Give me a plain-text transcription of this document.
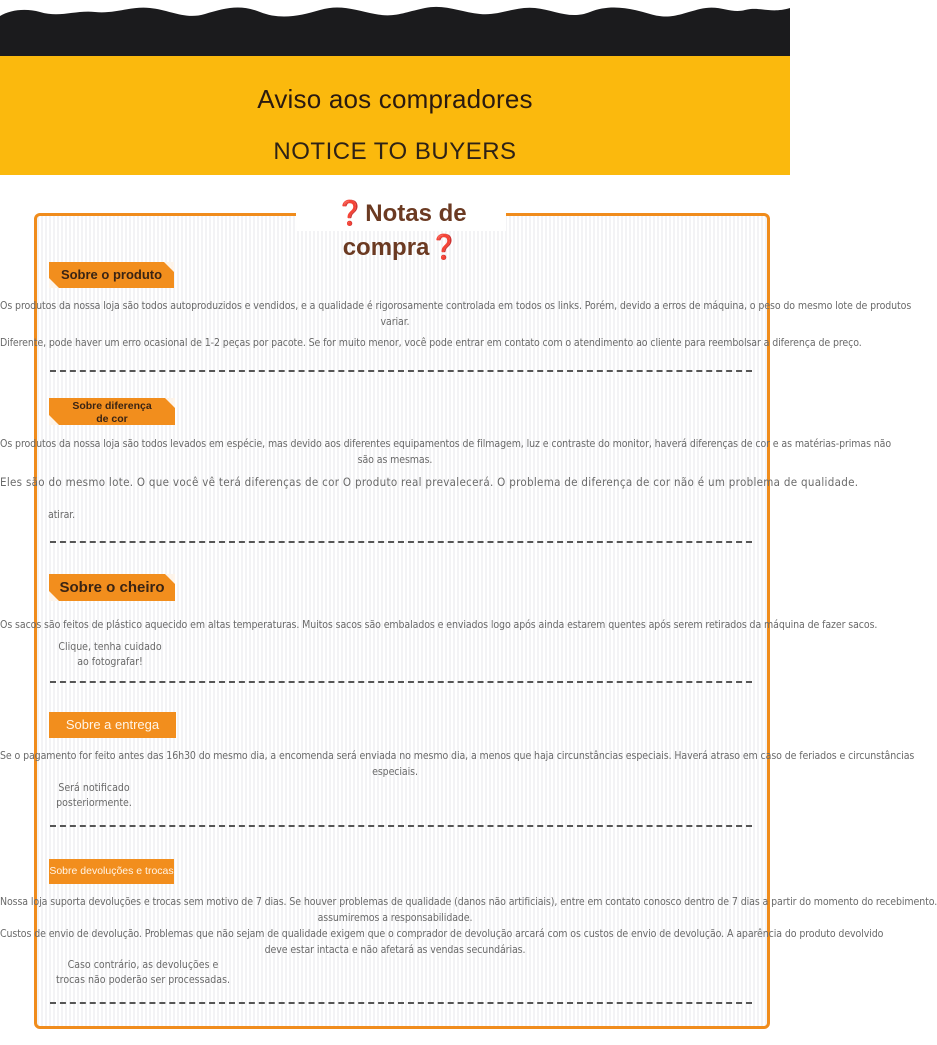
Aviso aos compradores
NOTICE TO BUYERS
❓Notas de compra❓
Sobre o produto
Os produtos da nossa loja são todos autoproduzidos e vendidos, e a qualidade é rigorosamente controlada em todos os links. Porém, devido a erros de máquina, o peso do mesmo lote de produtos
variar.
Diferente, pode haver um erro ocasional de 1-2 peças por pacote. Se for muito menor, você pode entrar em contato com o atendimento ao cliente para reembolsar a diferença de preço.
Sobre diferença de cor
Os produtos da nossa loja são todos levados em espécie, mas devido aos diferentes equipamentos de filmagem, luz e contraste do monitor, haverá diferenças de cor e as matérias-primas não
são as mesmas.
Eles são do mesmo lote. O que você vê terá diferenças de cor O produto real prevalecerá. O problema de diferença de cor não é um problema de qualidade.
atirar.
Sobre o cheiro
Os sacos são feitos de plástico aquecido em altas temperaturas. Muitos sacos são embalados e enviados logo após ainda estarem quentes após serem retirados da máquina de fazer sacos.
Clique, tenha cuidado ao fotografar!
Sobre a entrega
Se o pagamento for feito antes das 16h30 do mesmo dia, a encomenda será enviada no mesmo dia, a menos que haja circunstâncias especiais. Haverá atraso em caso de feriados e circunstâncias
especiais.
Será notificado posteriormente.
Sobre devoluções e trocas
Nossa loja suporta devoluções e trocas sem motivo de 7 dias. Se houver problemas de qualidade (danos não artificiais), entre em contato conosco dentro de 7 dias a partir do momento do recebimento.
assumiremos a responsabilidade.
Custos de envio de devolução. Problemas que não sejam de qualidade exigem que o comprador de devolução arcará com os custos de envio de devolução. A aparência do produto devolvido
deve estar intacta e não afetará as vendas secundárias.
Caso contrário, as devoluções e trocas não poderão ser processadas.
